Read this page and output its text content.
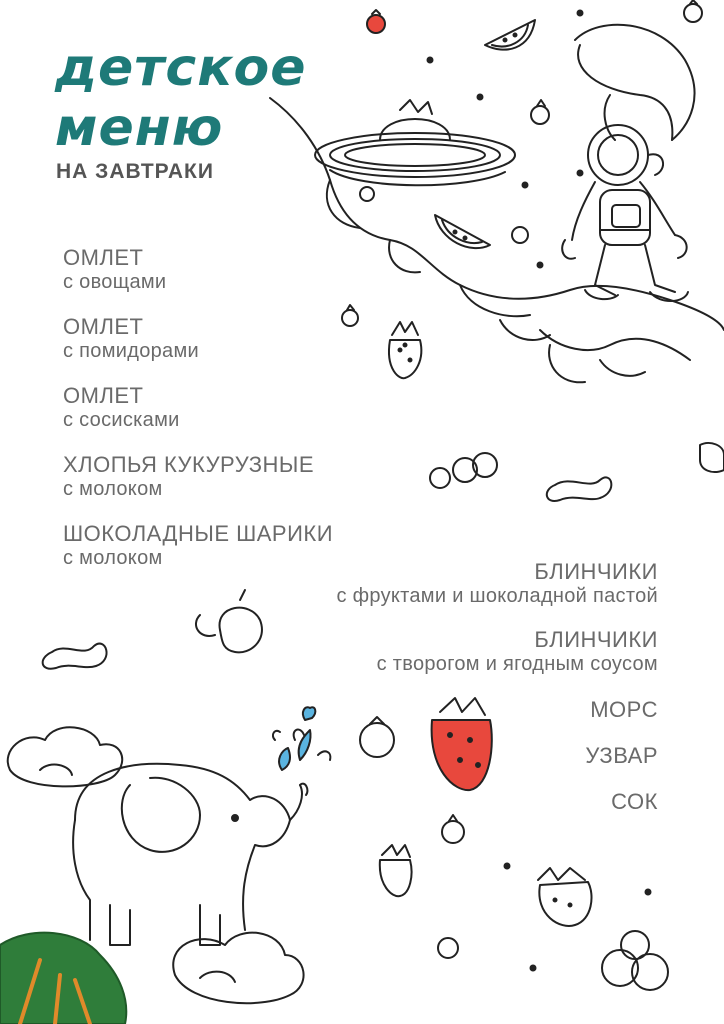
детское
меню
НА ЗАВТРАКИ
ОМЛЕТ
с овощами
ОМЛЕТ
с помидорами
ОМЛЕТ
с сосисками
ХЛОПЬЯ КУКУРУЗНЫЕ
с молоком
ШОКОЛАДНЫЕ ШАРИКИ
с молоком
БЛИНЧИКИ
с фруктами и шоколадной пастой
БЛИНЧИКИ
с творогом и ягодным соусом
МОРС
УЗВАР
СОК
